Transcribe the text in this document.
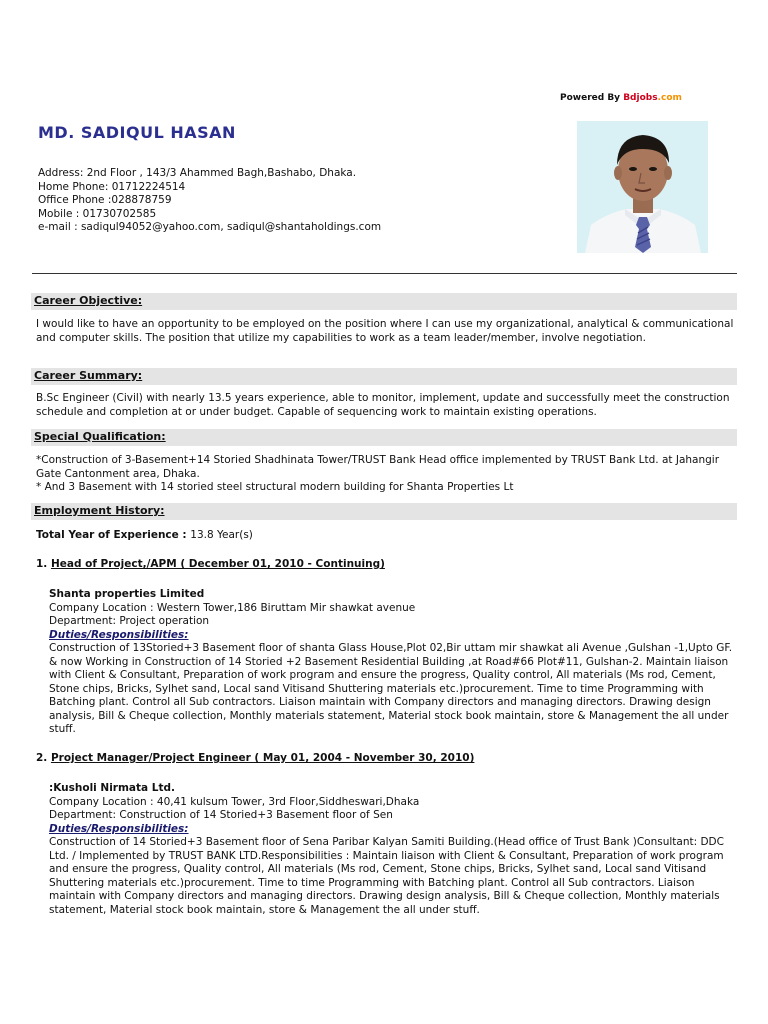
Powered By Bdjobs.com
MD. SADIQUL HASAN
Address: 2nd Floor , 143/3 Ahammed Bagh,Bashabo, Dhaka.
Home Phone: 01712224514
Office Phone :028878759
Mobile : 01730702585
e-mail : sadiqul94052@yahoo.com, sadiqul@shantaholdings.com
Career Objective:
I would like to have an opportunity to be employed on the position where I can use my organizational, analytical & communicational and computer skills. The position that utilize my capabilities to work as a team leader/member, involve negotiation.
Career Summary:
B.Sc Engineer (Civil) with nearly 13.5 years experience, able to monitor, implement, update and successfully meet the construction schedule and completion at or under budget. Capable of sequencing work to maintain existing operations.
Special Qualification:
*Construction of 3-Basement+14 Storied Shadhinata Tower/TRUST Bank Head office implemented by TRUST Bank Ltd. at Jahangir Gate Cantonment area, Dhaka.
* And 3 Basement with 14 storied steel structural modern building for Shanta Properties Lt
Employment History:
Total Year of Experience : 13.8 Year(s)
1. Head of Project,/APM ( December 01, 2010 - Continuing)
Shanta properties Limited
Company Location : Western Tower,186 Biruttam Mir shawkat avenue
Department: Project operation
Duties/Responsibilities:
Construction of 13Storied+3 Basement floor of shanta Glass House,Plot 02,Bir uttam mir shawkat ali Avenue ,Gulshan -1,Upto GF. & now Working in Construction of 14 Storied +2 Basement Residential Building ,at Road#66 Plot#11, Gulshan-2. Maintain liaison with Client & Consultant, Preparation of work program and ensure the progress, Quality control, All materials (Ms rod, Cement, Stone chips, Bricks, Sylhet sand, Local sand Vitisand Shuttering materials etc.)procurement. Time to time Programming with Batching plant. Control all Sub contractors. Liaison maintain with Company directors and managing directors. Drawing design analysis, Bill & Cheque collection, Monthly materials statement, Material stock book maintain, store & Management the all under stuff.
2. Project Manager/Project Engineer ( May 01, 2004 - November 30, 2010)
:Kusholi Nirmata Ltd.
Company Location : 40,41 kulsum Tower, 3rd Floor,Siddheswari,Dhaka
Department: Construction of 14 Storied+3 Basement floor of Sen
Duties/Responsibilities:
Construction of 14 Storied+3 Basement floor of Sena Paribar Kalyan Samiti Building.(Head office of Trust Bank )Consultant: DDC Ltd. / Implemented by TRUST BANK LTD.Responsibilities : Maintain liaison with Client & Consultant, Preparation of work program and ensure the progress, Quality control, All materials (Ms rod, Cement, Stone chips, Bricks, Sylhet sand, Local sand Vitisand Shuttering materials etc.)procurement. Time to time Programming with Batching plant. Control all Sub contractors. Liaison maintain with Company directors and managing directors. Drawing design analysis, Bill & Cheque collection, Monthly materials statement, Material stock book maintain, store & Management the all under stuff.
